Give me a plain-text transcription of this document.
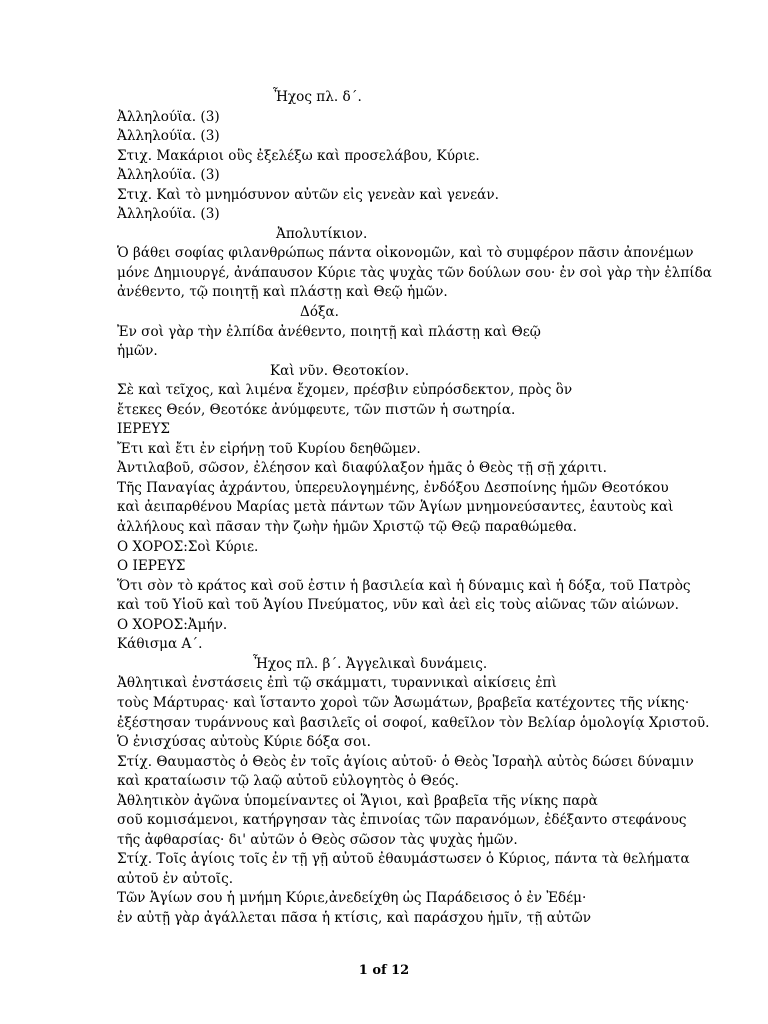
Ἦχος πλ. δ΄.
Ἀλληλούϊα. (3)
Ἀλληλούϊα. (3)
Στιχ. Μακάριοι οὓς ἐξελέξω καὶ προσελάβου, Κύριε.
Ἀλληλούϊα. (3)
Στιχ. Καὶ τὸ μνημόσυνον αὐτῶν εἰς γενεὰν καὶ γενεάν.
Ἀλληλούϊα. (3)
Ἀπολυτίκιον.
Ὁ βάθει σοφίας φιλανθρώπως πάντα οἰκονομῶν, καὶ τὸ συμφέρον πᾶσιν ἀπονέμων
μόνε Δημιουργέ, ἀνάπαυσον Κύριε τὰς ψυχὰς τῶν δούλων σου· ἐν σοὶ γὰρ τὴν ἐλπίδα
ἀνέθεντο, τῷ ποιητῇ καὶ πλάστῃ καὶ Θεῷ ἡμῶν.
Δόξα.
Ἐν σοὶ γὰρ τὴν ἐλπίδα ἀνέθεντο, ποιητῇ καὶ πλάστῃ καὶ Θεῷ
ἡμῶν.
Καὶ νῦν. Θεοτοκίον.
Σὲ καὶ τεῖχος, καὶ λιμένα ἔχομεν, πρέσβιν εὐπρόσδεκτον, πρὸς ὃν
ἔτεκες Θεόν, Θεοτόκε ἀνύμφευτε, τῶν πιστῶν ἡ σωτηρία.
ΙΕΡΕΥΣ
Ἔτι καὶ ἔτι ἐν εἰρήνῃ τοῦ Κυρίου δεηθῶμεν.
Ἀντιλαβοῦ, σῶσον, ἐλέησον καὶ διαφύλαξον ἡμᾶς ὁ Θεὸς τῇ σῇ χάριτι.
Τῆς Παναγίας ἀχράντου, ὑπερευλογημένης, ἐνδόξου Δεσποίνης ἡμῶν Θεοτόκου
καὶ ἀειπαρθένου Μαρίας μετὰ πάντων τῶν Ἁγίων μνημονεύσαντες, ἑαυτοὺς καὶ
ἀλλήλους καὶ πᾶσαν τὴν ζωὴν ἡμῶν Χριστῷ τῷ Θεῷ παραθώμεθα.
Ο ΧΟΡΟΣ:Σοὶ Κύριε.
Ο ΙΕΡΕΥΣ
Ὅτι σὸν τὸ κράτος καὶ σοῦ ἐστιν ἡ βασιλεία καὶ ἡ δύναμις καὶ ἡ δόξα, τοῦ Πατρὸς
καὶ τοῦ Υἱοῦ καὶ τοῦ Ἁγίου Πνεύματος, νῦν καὶ ἀεὶ εἰς τοὺς αἰῶνας τῶν αἰώνων.
Ο ΧΟΡΟΣ:Ἀμήν.
Κάθισμα Α΄.
Ἦχος πλ. β΄. Ἀγγελικαὶ δυνάμεις.
Ἀθλητικαὶ ἐνστάσεις ἐπὶ τῷ σκάμματι, τυραννικαὶ αἰκίσεις ἐπὶ
τοὺς Μάρτυρας· καὶ ἵσταντο χοροὶ τῶν Ἀσωμάτων, βραβεῖα κατέχοντες τῆς νίκης·
ἐξέστησαν τυράννους καὶ βασιλεῖς οἱ σοφοί, καθεῖλον τὸν Βελίαρ ὁμολογίᾳ Χριστοῦ.
Ὁ ἐνισχύσας αὐτοὺς Κύριε δόξα σοι.
Στίχ. Θαυμαστὸς ὁ Θεὸς ἐν τοῖς ἁγίοις αὐτοῦ· ὁ Θεὸς Ἰσραὴλ αὐτὸς δώσει δύναμιν
καὶ κραταίωσιν τῷ λαῷ αὐτοῦ εὐλογητὸς ὁ Θεός.
Ἀθλητικὸν ἀγῶνα ὑπομείναντες οἱ Ἅγιοι, καὶ βραβεῖα τῆς νίκης παρὰ
σοῦ κομισάμενοι, κατήργησαν τὰς ἐπινοίας τῶν παρανόμων, ἐδέξαντο στεφάνους
τῆς ἀφθαρσίας· δι' αὐτῶν ὁ Θεὸς σῶσον τὰς ψυχὰς ἡμῶν.
Στίχ. Τοῖς ἁγίοις τοῖς ἐν τῇ γῇ αὐτοῦ ἐθαυμάστωσεν ὁ Κύριος, πάντα τὰ θελήματα
αὐτοῦ ἐν αὐτοῖς.
Τῶν Ἁγίων σου ἡ μνήμη Κύριε,ἀνεδείχθη ὡς Παράδεισος ὁ ἐν Ἐδέμ·
ἐν αὐτῇ γὰρ ἀγάλλεται πᾶσα ἡ κτίσις, καὶ παράσχου ἡμῖν, τῇ αὐτῶν
1 of 12
